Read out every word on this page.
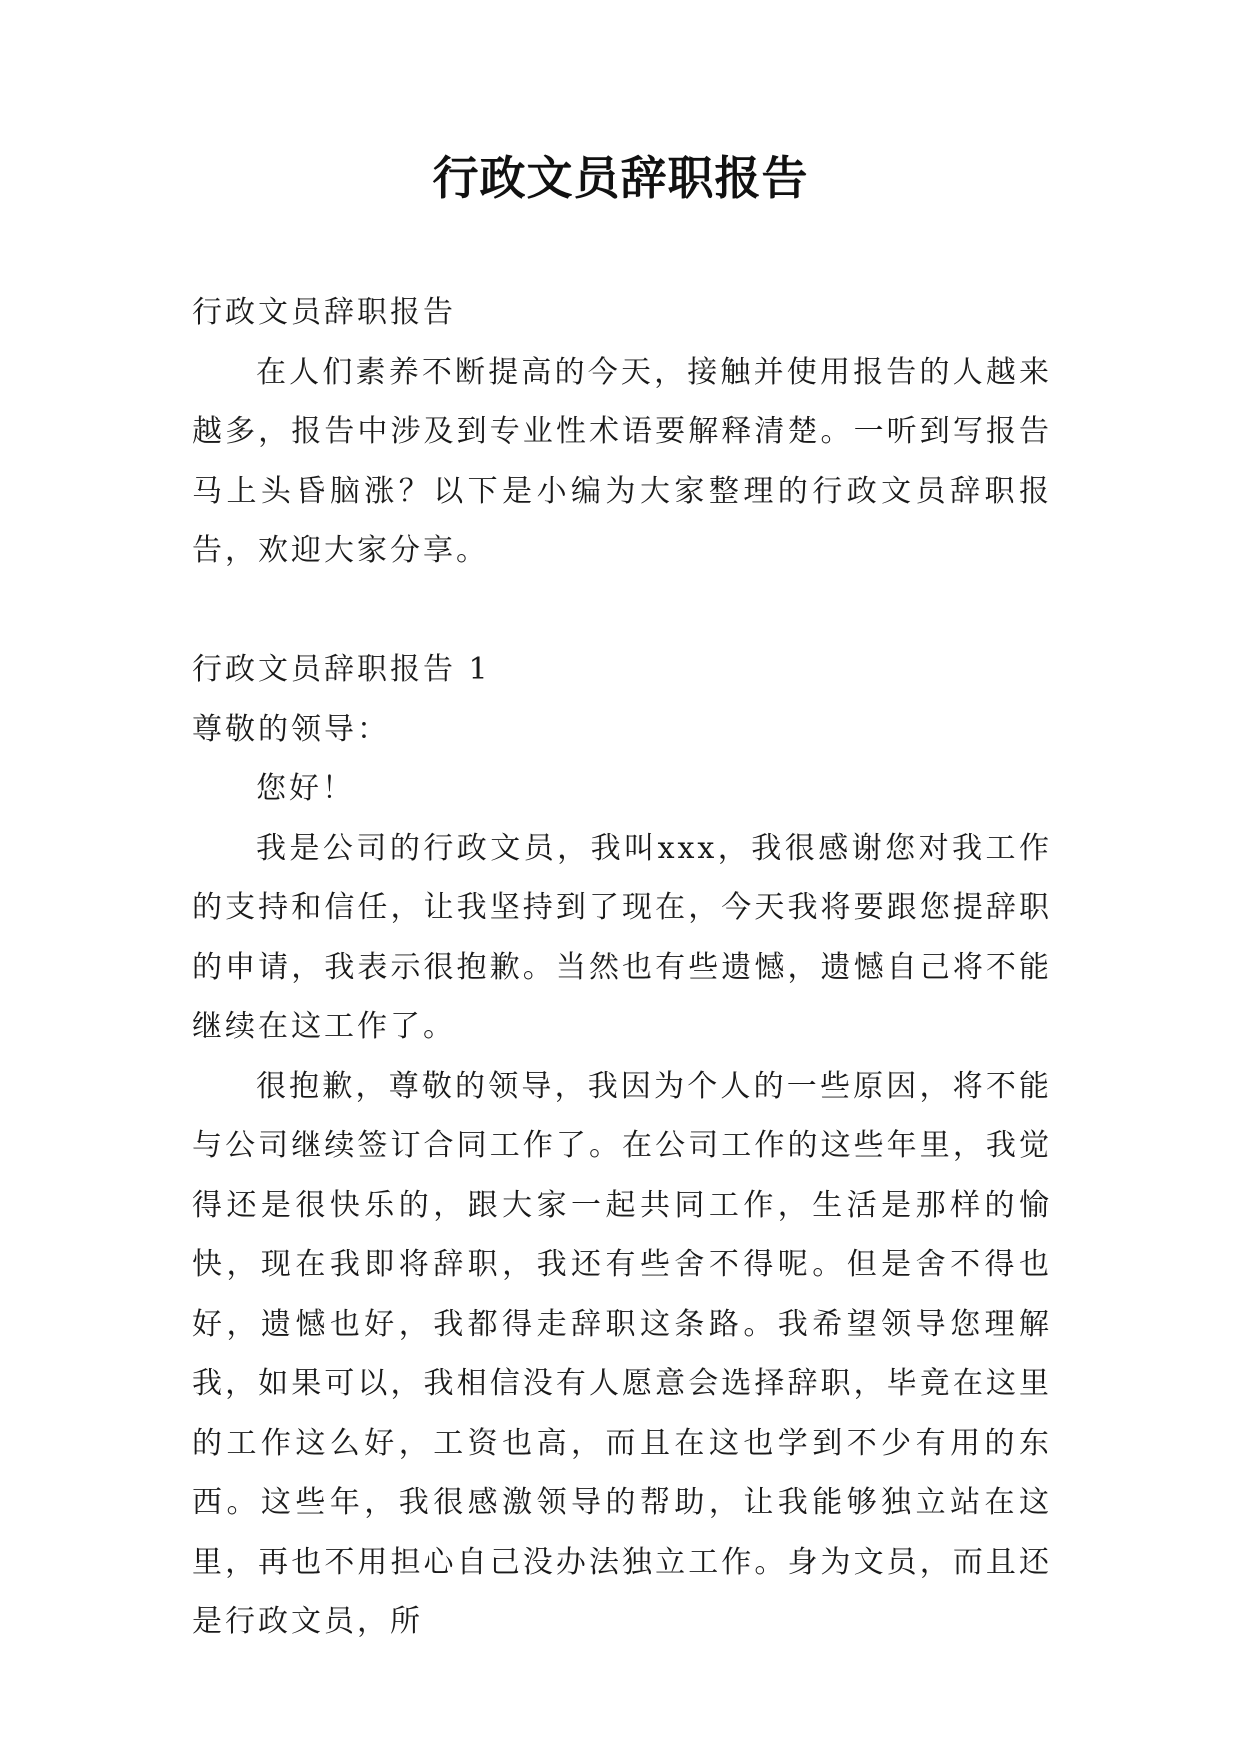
行政文员辞职报告

行政文员辞职报告

在人们素养不断提高的今天，接触并使用报告的人越来越多，报告中涉及到专业性术语要解释清楚。一听到写报告马上头昏脑涨？以下是小编为大家整理的行政文员辞职报告，欢迎大家分享。

行政文员辞职报告 1

尊敬的领导：

您好！

我是公司的行政文员，我叫xxx，我很感谢您对我工作的支持和信任，让我坚持到了现在，今天我将要跟您提辞职的申请，我表示很抱歉。当然也有些遗憾，遗憾自己将不能继续在这工作了。

很抱歉，尊敬的领导，我因为个人的一些原因，将不能与公司继续签订合同工作了。在公司工作的这些年里，我觉得还是很快乐的，跟大家一起共同工作，生活是那样的愉快，现在我即将辞职，我还有些舍不得呢。但是舍不得也好，遗憾也好，我都得走辞职这条路。我希望领导您理解我，如果可以，我相信没有人愿意会选择辞职，毕竟在这里的工作这么好，工资也高，而且在这也学到不少有用的东西。这些年，我很感激领导的帮助，让我能够独立站在这里，再也不用担心自己没办法独立工作。身为文员，而且还是行政文员，所
